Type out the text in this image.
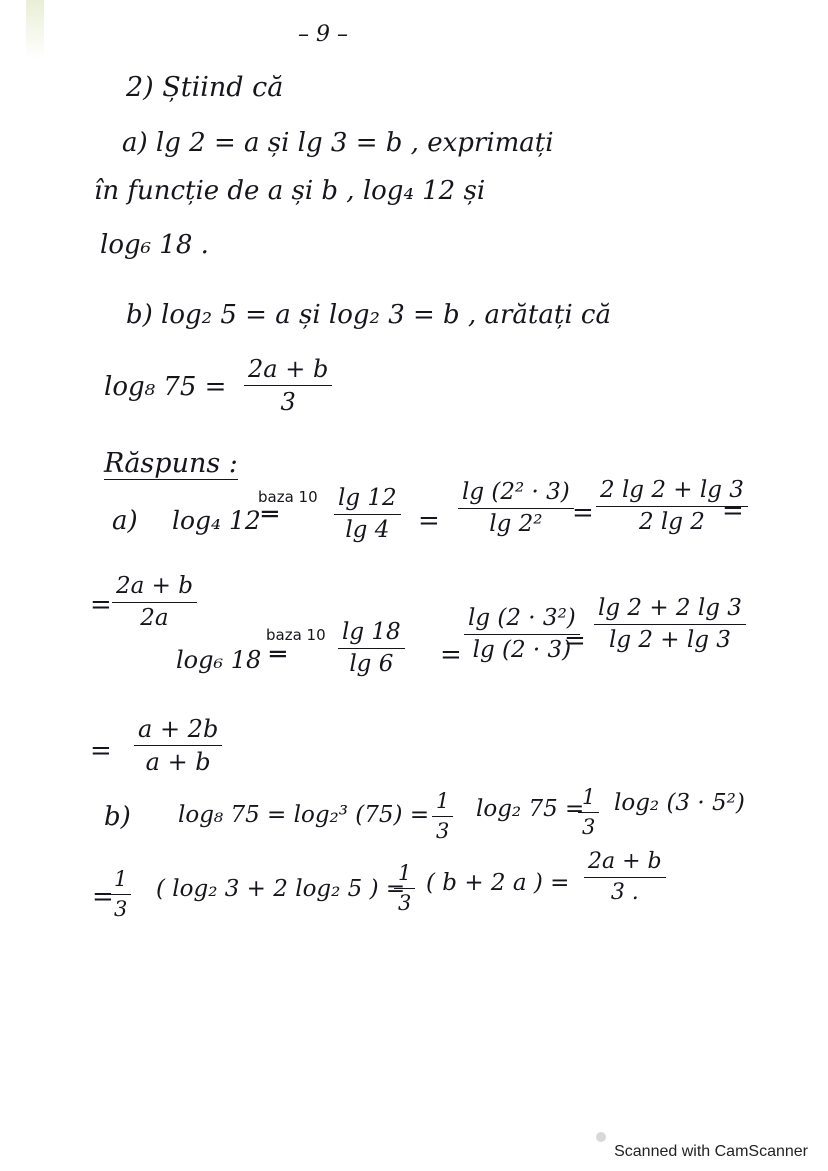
– 9 –
2) Știind că
a) lg 2 = a și lg 3 = b , exprimați
în funcție de a și b , log₄ 12 și
log₆ 18 .
b) log₂ 5 = a și log₂ 3 = b , arătați că
log₈ 75 =
2a + b
3
Răspuns :
a) log₄ 12
baza 10
═
lg 12
lg 4 =
lg (2² · 3)
lg 2² =
2 lg 2 + lg 3
2 lg 2 =
=
2a + b
2a
log₆ 18
baza 10
═
lg 18
lg 6 =
lg (2 · 3²)
lg (2 · 3)
=
lg 2 + 2 lg 3
lg 2 + lg 3
=
a + 2b
a + b
b) log₈ 75 = log₂³ (75) =
1
3
log₂ 75 =
1
3
log₂ (3 · 5²)
=
1
3
( log₂ 3 + 2 log₂ 5 ) =
1
3
( b + 2 a ) =
2a + b
3 .
Scanned with CamScanner
